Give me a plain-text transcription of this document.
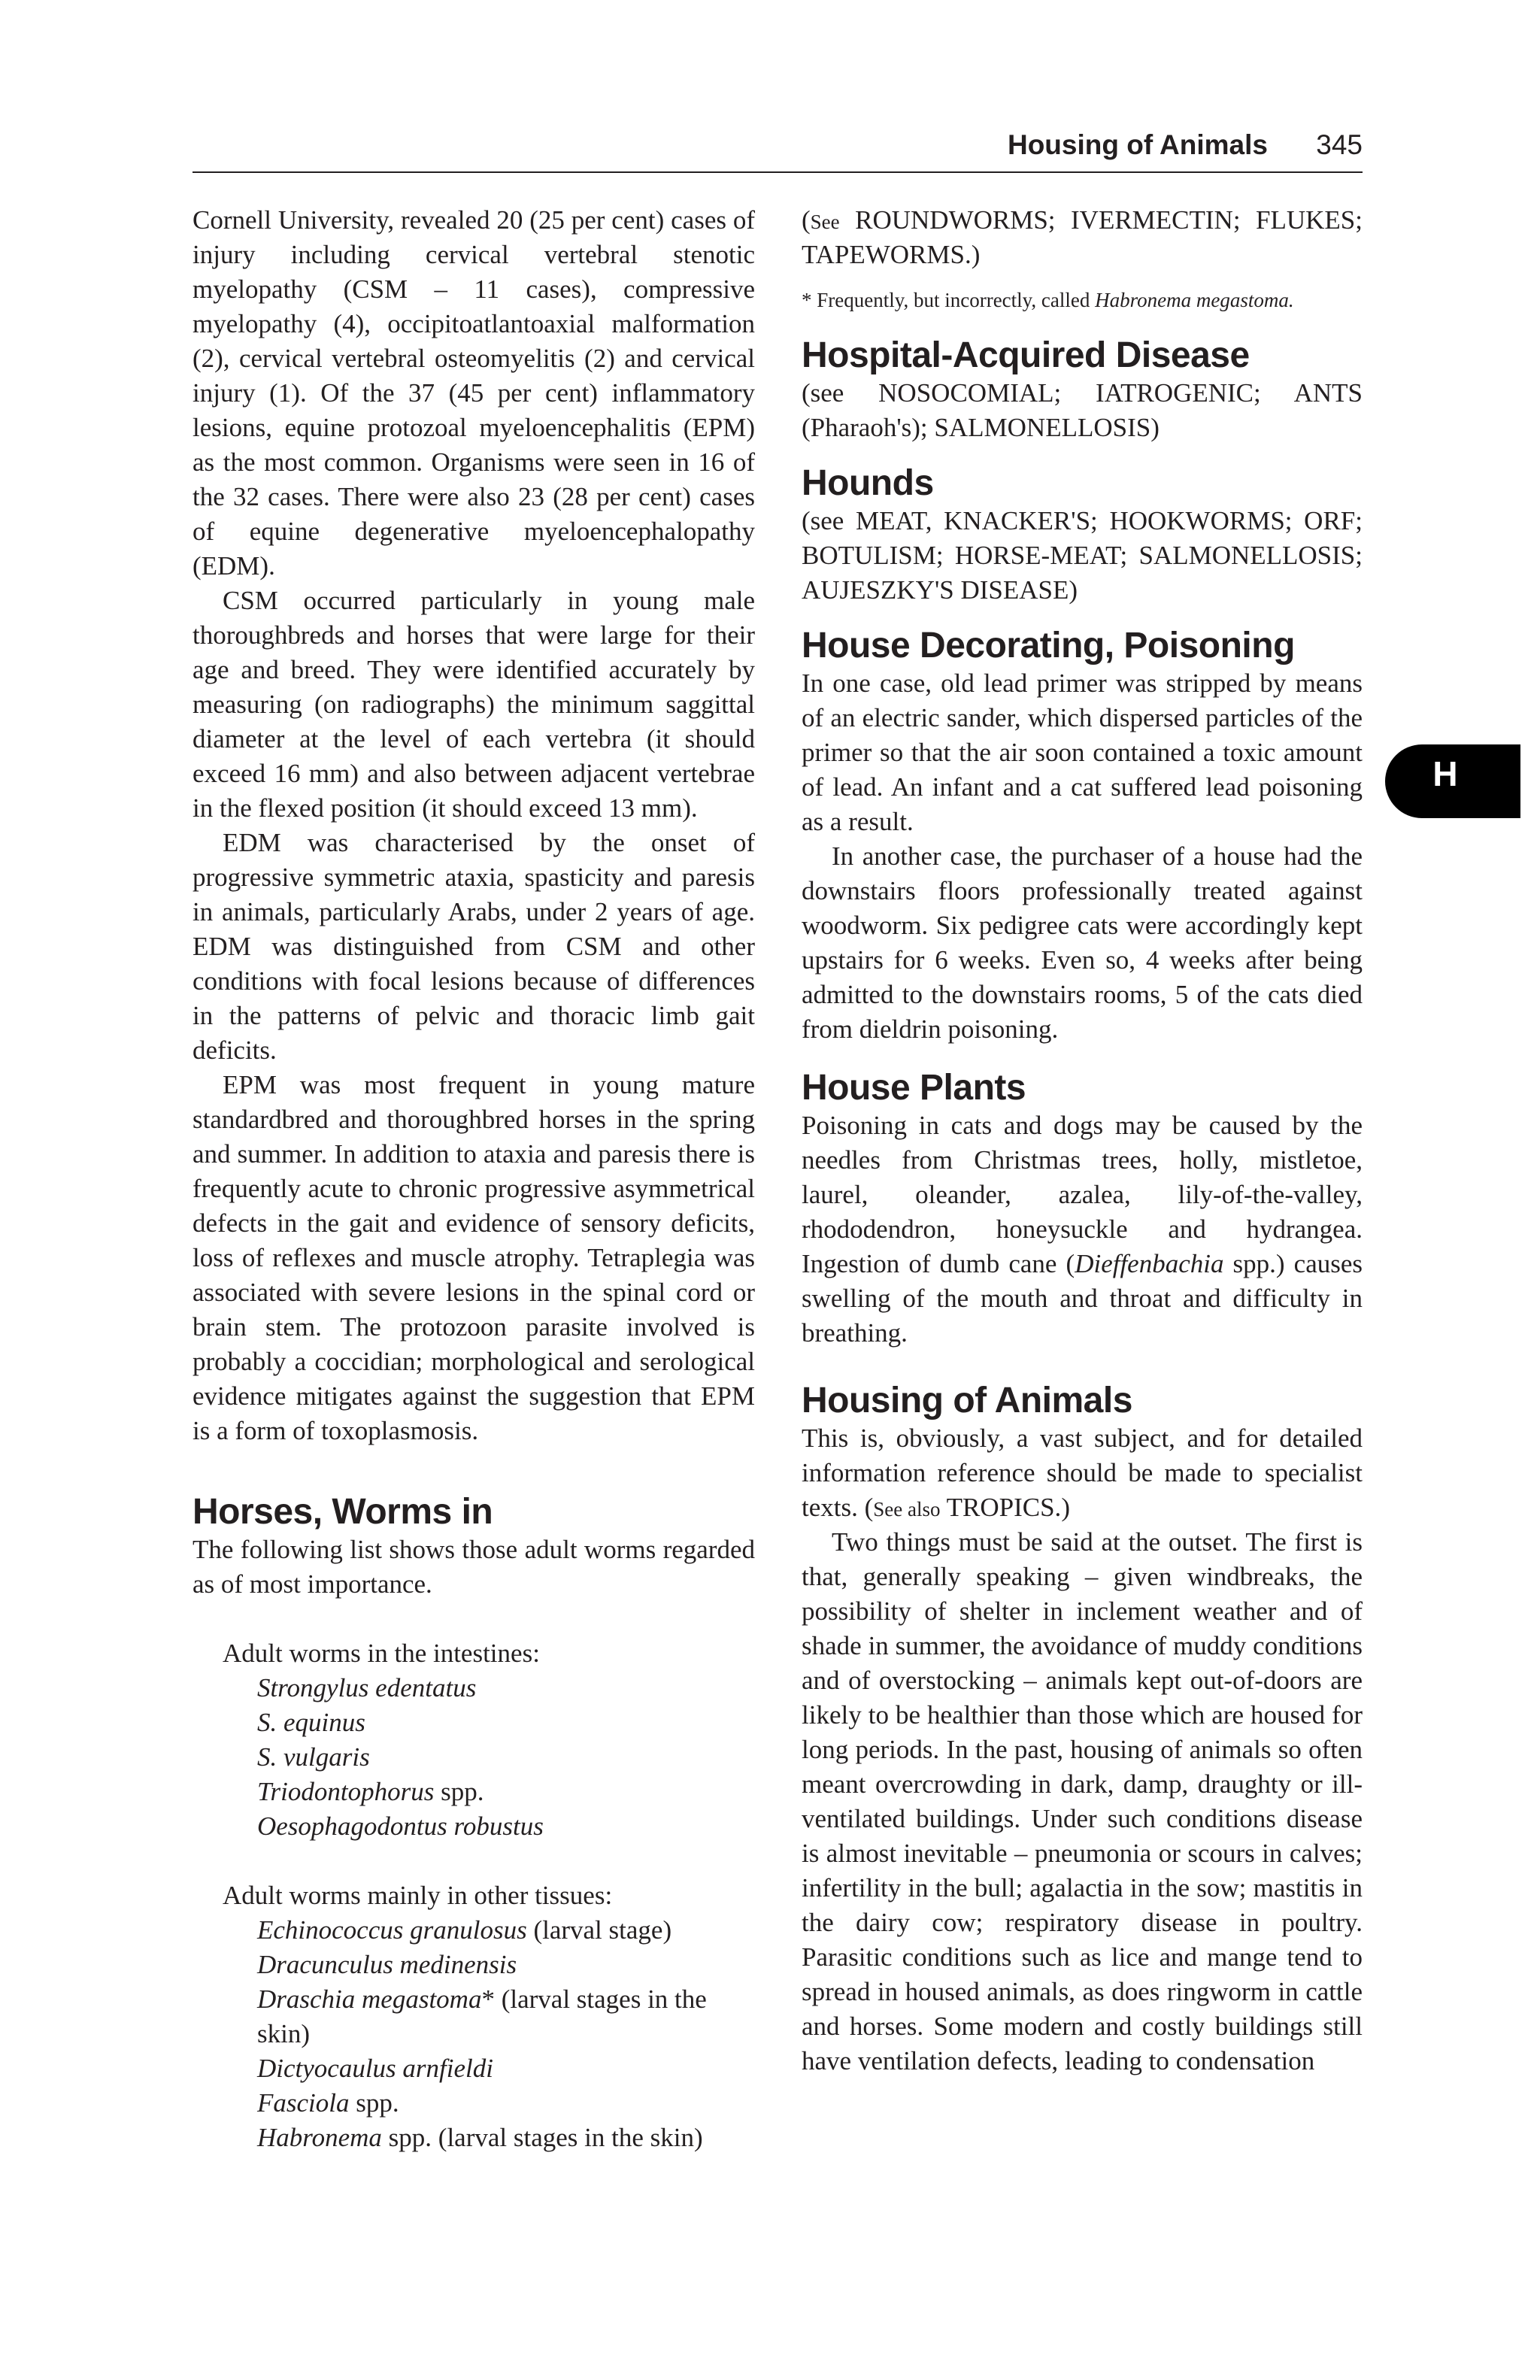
Housing of Animals 345
H

Cornell University, revealed 20 (25 per cent) cases of injury including cervical vertebral stenotic myelopathy (CSM – 11 cases), compressive myelopathy (4), occipitoatlantoaxial malformation (2), cervical vertebral osteomyelitis (2) and cervical injury (1). Of the 37 (45 per cent) inflammatory lesions, equine protozoal myeloencephalitis (EPM) as the most common. Organisms were seen in 16 of the 32 cases. There were also 23 (28 per cent) cases of equine degenerative myeloencephalopathy (EDM).

CSM occurred particularly in young male thoroughbreds and horses that were large for their age and breed. They were identified accurately by measuring (on radiographs) the minimum saggittal diameter at the level of each vertebra (it should exceed 16 mm) and also between adjacent vertebrae in the flexed position (it should exceed 13 mm).

EDM was characterised by the onset of progressive symmetric ataxia, spasticity and paresis in animals, particularly Arabs, under 2 years of age. EDM was distinguished from CSM and other conditions with focal lesions because of differences in the patterns of pelvic and thoracic limb gait deficits.

EPM was most frequent in young mature standardbred and thoroughbred horses in the spring and summer. In addition to ataxia and paresis there is frequently acute to chronic progressive asymmetrical defects in the gait and evidence of sensory deficits, loss of reflexes and muscle atrophy. Tetraplegia was associated with severe lesions in the spinal cord or brain stem. The protozoon parasite involved is probably a coccidian; morphological and serological evidence mitigates against the suggestion that EPM is a form of toxoplasmosis.

Horses, Worms in

The following list shows those adult worms regarded as of most importance.

Adult worms in the intestines:
Strongylus edentatus
S. equinus
S. vulgaris
Triodontophorus spp.
Oesophagodontus robustus
Adult worms mainly in other tissues:
Echinococcus granulosus (larval stage)
Dracunculus medinensis
Draschia megastoma* (larval stages in the skin)
Dictyocaulus arnfieldi
Fasciola spp.
Habronema spp. (larval stages in the skin)

(See ROUNDWORMS; IVERMECTIN; FLUKES; TAPEWORMS.)

* Frequently, but incorrectly, called Habronema megastoma.

Hospital-Acquired Disease

(see NOSOCOMIAL; IATROGENIC; ANTS (Pharaoh's); SALMONELLOSIS)

Hounds

(see MEAT, KNACKER'S; HOOKWORMS; ORF; BOTULISM; HORSE-MEAT; SALMONELLOSIS; AUJESZKY'S DISEASE)

House Decorating, Poisoning

In one case, old lead primer was stripped by means of an electric sander, which dispersed particles of the primer so that the air soon contained a toxic amount of lead. An infant and a cat suffered lead poisoning as a result.

In another case, the purchaser of a house had the downstairs floors professionally treated against woodworm. Six pedigree cats were accordingly kept upstairs for 6 weeks. Even so, 4 weeks after being admitted to the downstairs rooms, 5 of the cats died from dieldrin poisoning.

House Plants

Poisoning in cats and dogs may be caused by the needles from Christmas trees, holly, mistletoe, laurel, oleander, azalea, lily-of-the-valley, rhododendron, honeysuckle and hydrangea. Ingestion of dumb cane (Dieffenbachia spp.) causes swelling of the mouth and throat and difficulty in breathing.

Housing of Animals

This is, obviously, a vast subject, and for detailed information reference should be made to specialist texts. (See also TROPICS.)

Two things must be said at the outset. The first is that, generally speaking – given windbreaks, the possibility of shelter in inclement weather and of shade in summer, the avoidance of muddy conditions and of overstocking – animals kept out-of-doors are likely to be healthier than those which are housed for long periods. In the past, housing of animals so often meant overcrowding in dark, damp, draughty or ill-ventilated buildings. Under such conditions disease is almost inevitable – pneumonia or scours in calves; infertility in the bull; agalactia in the sow; mastitis in the dairy cow; respiratory disease in poultry. Parasitic conditions such as lice and mange tend to spread in housed animals, as does ringworm in cattle and horses. Some modern and costly buildings still have ventilation defects, leading to condensation
